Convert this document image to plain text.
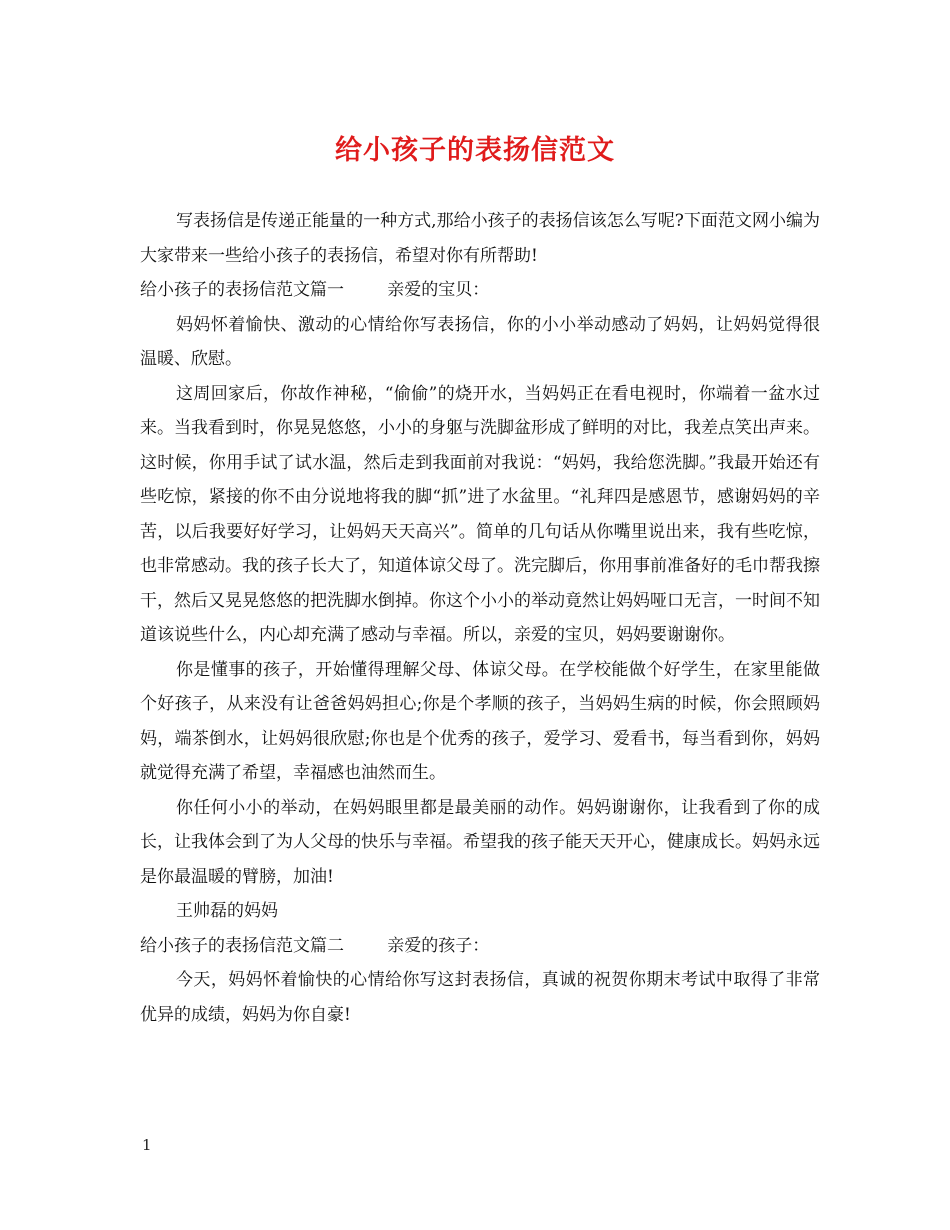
给小孩子的表扬信范文

写表扬信是传递正能量的一种方式,那给小孩子的表扬信该怎么写呢?下面范文网小编为大家带来一些给小孩子的表扬信，希望对你有所帮助!

给小孩子的表扬信范文篇一	亲爱的宝贝：

妈妈怀着愉快、激动的心情给你写表扬信，你的小小举动感动了妈妈，让妈妈觉得很温暖、欣慰。

这周回家后，你故作神秘，“偷偷”的烧开水，当妈妈正在看电视时，你端着一盆水过来。当我看到时，你晃晃悠悠，小小的身躯与洗脚盆形成了鲜明的对比，我差点笑出声来。这时候，你用手试了试水温，然后走到我面前对我说：“妈妈，我给您洗脚。”我最开始还有些吃惊，紧接的你不由分说地将我的脚“抓”进了水盆里。“礼拜四是感恩节，感谢妈妈的辛苦，以后我要好好学习，让妈妈天天高兴”。简单的几句话从你嘴里说出来，我有些吃惊，也非常感动。我的孩子长大了，知道体谅父母了。洗完脚后，你用事前准备好的毛巾帮我擦干，然后又晃晃悠悠的把洗脚水倒掉。你这个小小的举动竟然让妈妈哑口无言，一时间不知道该说些什么，内心却充满了感动与幸福。所以，亲爱的宝贝，妈妈要谢谢你。

你是懂事的孩子，开始懂得理解父母、体谅父母。在学校能做个好学生，在家里能做个好孩子，从来没有让爸爸妈妈担心;你是个孝顺的孩子，当妈妈生病的时候，你会照顾妈妈，端茶倒水，让妈妈很欣慰;你也是个优秀的孩子，爱学习、爱看书，每当看到你，妈妈就觉得充满了希望，幸福感也油然而生。

你任何小小的举动，在妈妈眼里都是最美丽的动作。妈妈谢谢你，让我看到了你的成长，让我体会到了为人父母的快乐与幸福。希望我的孩子能天天开心，健康成长。妈妈永远是你最温暖的臂膀，加油!

王帅磊的妈妈

给小孩子的表扬信范文篇二	亲爱的孩子：

今天，妈妈怀着愉快的心情给你写这封表扬信，真诚的祝贺你期末考试中取得了非常优异的成绩，妈妈为你自豪!

1
